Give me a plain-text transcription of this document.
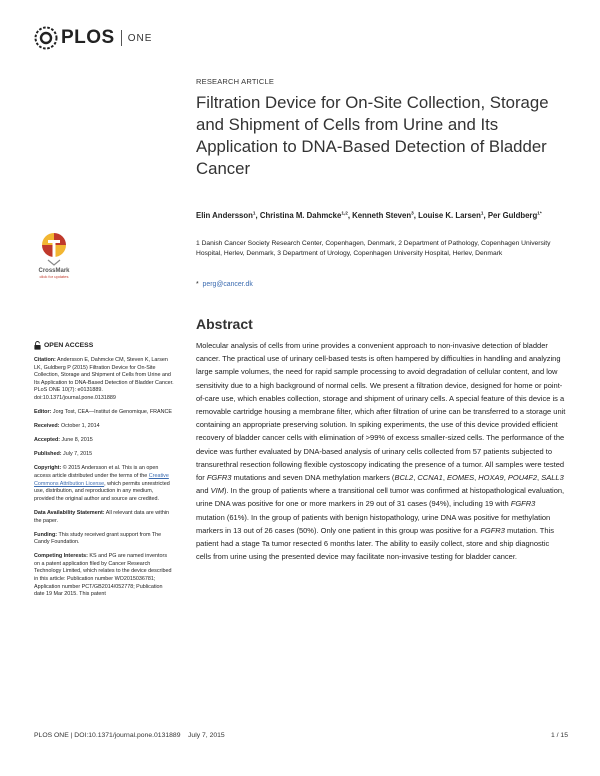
PLOS ONE
CrossMark
click for updates
OPEN ACCESS

Citation: Andersson E, Dahmcke CM, Steven K, Larsen LK, Guldberg P (2015) Filtration Device for On-Site Collection, Storage and Shipment of Cells from Urine and Its Application to DNA-Based Detection of Bladder Cancer. PLoS ONE 10(7): e0131889. doi:10.1371/journal.pone.0131889

Editor: Jorg Tost, CEA—Institut de Genomique, FRANCE

Received: October 1, 2014

Accepted: June 8, 2015

Published: July 7, 2015

Copyright: © 2015 Andersson et al. This is an open access article distributed under the terms of the Creative Commons Attribution License, which permits unrestricted use, distribution, and reproduction in any medium, provided the original author and source are credited.

Data Availability Statement: All relevant data are within the paper.

Funding: This study received grant support from The Candy Foundation.

Competing Interests: KS and PG are named inventors on a patent application filed by Cancer Research Technology Limited, which relates to the device described in this article: Publication number WO2015036781; Application number PCT/GB2014/052778; Publication date 19 Mar 2015. This patent

RESEARCH ARTICLE
Filtration Device for On-Site Collection, Storage and Shipment of Cells from Urine and Its Application to DNA-Based Detection of Bladder Cancer
Elin Andersson$^1$, Christina M. Dahmcke$^{1,2}$, Kenneth Steven$^3$, Louise K. Larsen$^1$, Per Guldberg$^{1*}$
1 Danish Cancer Society Research Center, Copenhagen, Denmark, 2 Department of Pathology, Copenhagen University Hospital, Herlev, Denmark, 3 Department of Urology, Copenhagen University Hospital, Herlev, Denmark
* perg@cancer.dk
Abstract

Molecular analysis of cells from urine provides a convenient approach to non-invasive detection of bladder cancer. The practical use of urinary cell-based tests is often hampered by difficulties in handling and analyzing large sample volumes, the need for rapid sample processing to avoid degradation of cellular content, and low sensitivity due to a high background of normal cells. We present a filtration device, designed for home or point-of-care use, which enables collection, storage and shipment of urinary cells. A special feature of this device is a removable cartridge housing a membrane filter, which after filtration of urine can be transferred to a storage unit containing an appropriate preserving solution. In spiking experiments, the use of this device provided efficient recovery of bladder cancer cells with elimination of >99% of excess smaller-sized cells. The performance of the device was further evaluated by DNA-based analysis of urinary cells collected from 57 patients subjected to transurethral resection following flexible cystoscopy indicating the presence of a tumor. All samples were tested for FGFR3 mutations and seven DNA methylation markers (BCL2, CCNA1, EOMES, HOXA9, POU4F2, SALL3 and VIM). In the group of patients where a transitional cell tumor was confirmed at histopathological evaluation, urine DNA was positive for one or more markers in 29 out of 31 cases (94%), including 19 with FGFR3 mutation (61%). In the group of patients with benign histopathology, urine DNA was positive for methylation markers in 13 out of 26 cases (50%). Only one patient in this group was positive for a FGFR3 mutation. This patient had a stage Ta tumor resected 6 months later. The ability to easily collect, store and ship diagnostic cells from urine using the presented device may facilitate non-invasive testing for bladder cancer.

PLOS ONE | DOI:10.1371/journal.pone.0131889    July 7, 2015	1 / 15
